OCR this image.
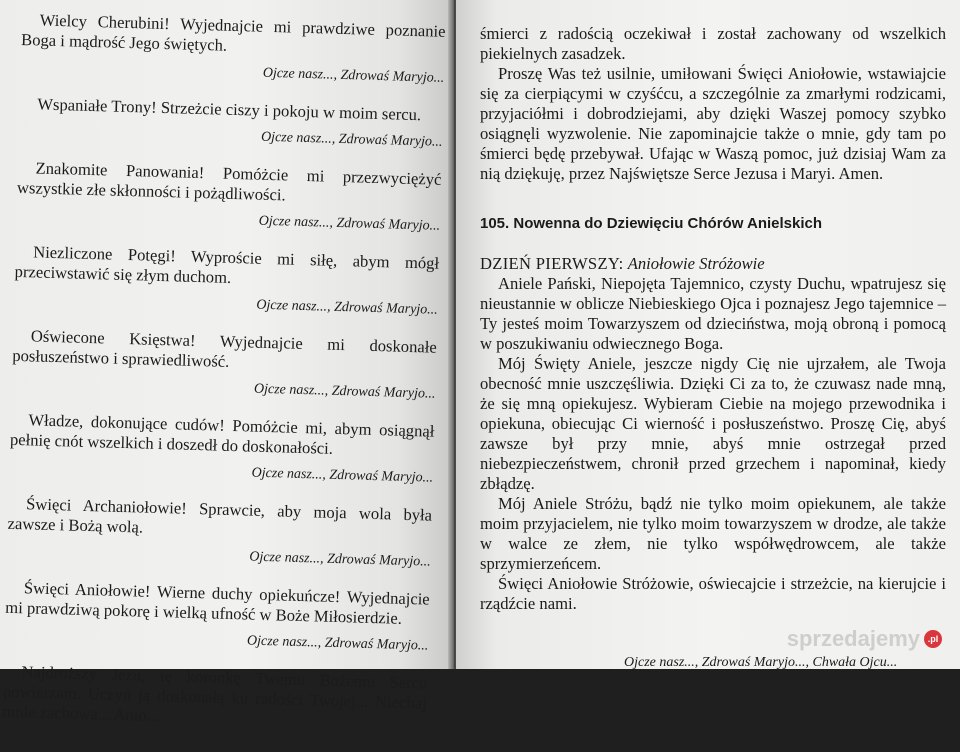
Wielcy Cherubini! Wyjednajcie mi prawdziwe poznanie Boga i mądrość Jego świętych.

Ojcze nasz..., Zdrowaś Maryjo...

Wspaniałe Trony! Strzeżcie ciszy i pokoju w moim sercu.

Ojcze nasz..., Zdrowaś Maryjo...

Znakomite Panowania! Pomóżcie mi przezwyciężyć wszystkie złe skłonności i pożądliwości.

Ojcze nasz..., Zdrowaś Maryjo...

Niezliczone Potęgi! Wyproście mi siłę, abym mógł przeciwstawić się złym duchom.

Ojcze nasz..., Zdrowaś Maryjo...

Oświecone Księstwa! Wyjednajcie mi doskonałe posłuszeństwo i sprawiedliwość.

Ojcze nasz..., Zdrowaś Maryjo...

Władze, dokonujące cudów! Pomóżcie mi, abym osiągnął pełnię cnót wszelkich i doszedł do doskonałości.

Ojcze nasz..., Zdrowaś Maryjo...

Święci Archaniołowie! Sprawcie, aby moja wola była zawsze i Bożą wolą.

Ojcze nasz..., Zdrowaś Maryjo...

Święci Aniołowie! Wierne duchy opiekuńcze! Wyjednajcie mi prawdziwą pokorę i wielką ufność w Boże Miłosierdzie.

Ojcze nasz..., Zdrowaś Maryjo...

Najdroższy Jezu, tę koronkę Twemu Bożemu Sercu powierzam. Uczyń ją doskonałą ku radości Twojej... Niechaj mnie zachowa... Anio...

śmierci z radością oczekiwał i został zachowany od wszelkich piekielnych zasadzek.

Proszę Was też usilnie, umiłowani Święci Aniołowie, wstawiajcie się za cierpiącymi w czyśćcu, a szczególnie za zmarłymi rodzicami, przyjaciółmi i dobrodziejami, aby dzięki Waszej pomocy szybko osiągnęli wyzwolenie. Nie zapominajcie także o mnie, gdy tam po śmierci będę przebywał. Ufając w Waszą pomoc, już dzisiaj Wam za nią dziękuję, przez Najświętsze Serce Jezusa i Maryi. Amen.

105. Nowenna do Dziewięciu Chórów Anielskich

DZIEŃ PIERWSZY: Aniołowie Stróżowie

Aniele Pański, Niepojęta Tajemnico, czysty Duchu, wpatrujesz się nieustannie w oblicze Niebieskiego Ojca i poznajesz Jego tajemnice – Ty jesteś moim Towarzyszem od dzieciństwa, moją obroną i pomocą w poszukiwaniu odwiecznego Boga.

Mój Święty Aniele, jeszcze nigdy Cię nie ujrzałem, ale Twoja obecność mnie uszczęśliwia. Dzięki Ci za to, że czuwasz nade mną, że się mną opiekujesz. Wybieram Ciebie na mojego przewodnika i opiekuna, obiecując Ci wierność i posłuszeństwo. Proszę Cię, abyś zawsze był przy mnie, abyś mnie ostrzegał przed niebezpieczeństwem, chronił przed grzechem i napominał, kiedy zbłądzę.

Mój Aniele Stróżu, bądź nie tylko moim opiekunem, ale także moim przyjacielem, nie tylko moim towarzyszem w drodze, ale także w walce ze złem, nie tylko współwędrowcem, ale także sprzymierzeńcem.

Święci Aniołowie Stróżowie, oświecajcie i strzeżcie, na kierujcie i rządźcie nami.

Ojcze nasz..., Zdrowaś Maryjo..., Chwała Ojcu...
sprzedajemy .pl
